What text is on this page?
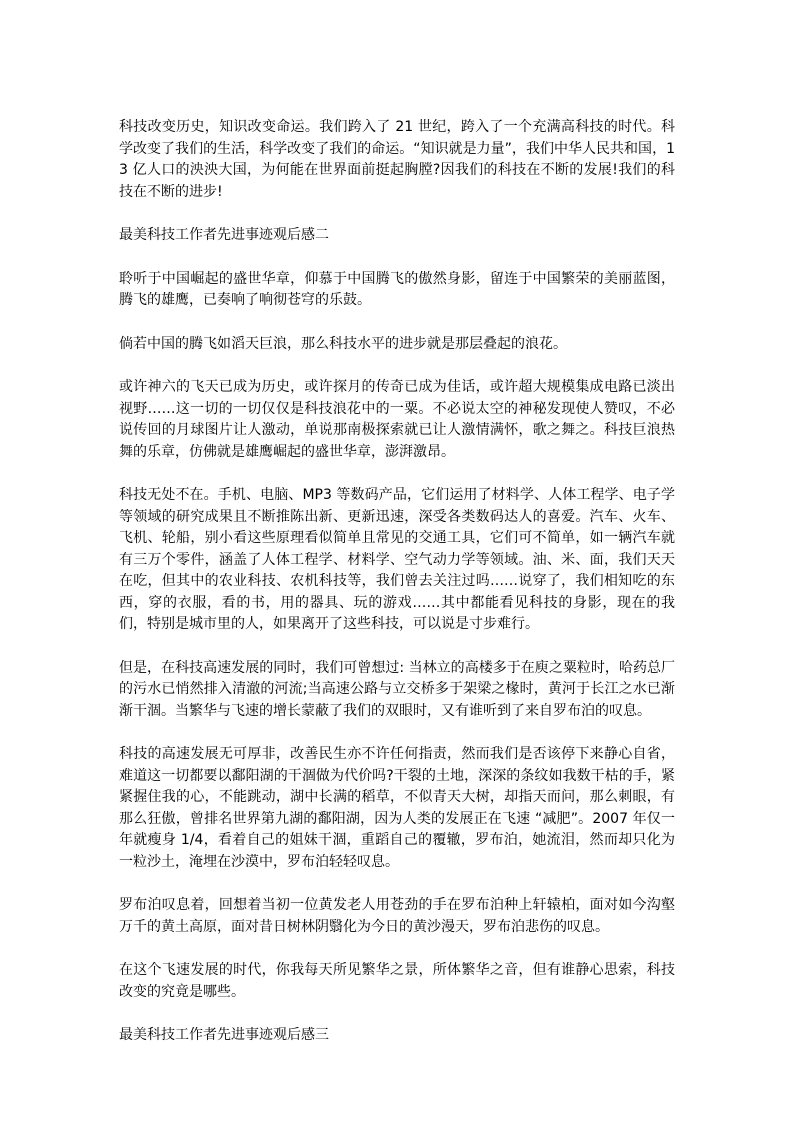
科技改变历史，知识改变命运。我们跨入了 21 世纪，跨入了一个充满高科技的时代。科学改变了我们的生活，科学改变了我们的命运。“知识就是力量”，我们中华人民共和国，13 亿人口的泱泱大国，为何能在世界面前挺起胸膛?因我们的科技在不断的发展!我们的科技在不断的进步!

最美科技工作者先进事迹观后感二

聆听于中国崛起的盛世华章，仰慕于中国腾飞的傲然身影，留连于中国繁荣的美丽蓝图，腾飞的雄鹰，已奏响了响彻苍穹的乐鼓。

倘若中国的腾飞如滔天巨浪，那么科技水平的进步就是那层叠起的浪花。

或许神六的飞天已成为历史，或许探月的传奇已成为佳话，或许超大规模集成电路已淡出视野……这一切的一切仅仅是科技浪花中的一粟。不必说太空的神秘发现使人赞叹，不必说传回的月球图片让人激动，单说那南极探索就已让人激情满怀，歌之舞之。科技巨浪热舞的乐章，仿佛就是雄鹰崛起的盛世华章，澎湃激昂。

科技无处不在。手机、电脑、MP3 等数码产品，它们运用了材料学、人体工程学、电子学等领域的研究成果且不断推陈出新、更新迅速，深受各类数码达人的喜爱。汽车、火车、飞机、轮船，别小看这些原理看似简单且常见的交通工具，它们可不简单，如一辆汽车就有三万个零件，涵盖了人体工程学、材料学、空气动力学等领域。油、米、面，我们天天在吃，但其中的农业科技、农机科技等，我们曾去关注过吗……说穿了，我们相知吃的东西，穿的衣服，看的书，用的器具、玩的游戏……其中都能看见科技的身影，现在的我们，特别是城市里的人，如果离开了这些科技，可以说是寸步难行。

但是，在科技高速发展的同时，我们可曾想过: 当林立的高楼多于在庾之粟粒时，哈药总厂的污水已悄然排入清澈的河流;当高速公路与立交桥多于架梁之椽时，黄河于长江之水已渐渐干涸。当繁华与飞速的增长蒙蔽了我们的双眼时，又有谁听到了来自罗布泊的叹息。

科技的高速发展无可厚非，改善民生亦不许任何指责，然而我们是否该停下来静心自省，难道这一切都要以鄱阳湖的干涸做为代价吗?干裂的土地，深深的条纹如我数干枯的手，紧紧握住我的心，不能跳动，湖中长满的稻草，不似青天大树，却指天而问，那么刺眼，有那么狂傲，曾排名世界第九湖的鄱阳湖，因为人类的发展正在飞速 “减肥”。2007 年仅一年就瘦身 1/4，看着自己的姐妹干涸，重蹈自己的覆辙，罗布泊，她流泪，然而却只化为一粒沙土，淹埋在沙漠中，罗布泊轻轻叹息。

罗布泊叹息着，回想着当初一位黄发老人用苍劲的手在罗布泊种上轩辕柏，面对如今沟壑万千的黄土高原，面对昔日树林阴翳化为今日的黄沙漫天，罗布泊悲伤的叹息。

在这个飞速发展的时代，你我每天所见繁华之景，所体繁华之音，但有谁静心思索，科技改变的究竟是哪些。

最美科技工作者先进事迹观后感三
